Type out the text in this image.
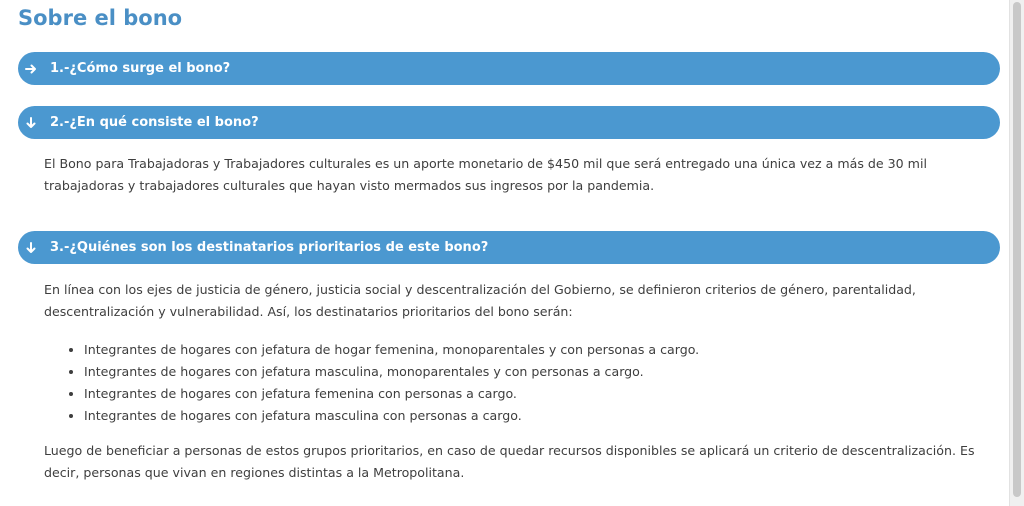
Sobre el bono
1.-¿Cómo surge el bono?
2.-¿En qué consiste el bono?

El Bono para Trabajadoras y Trabajadores culturales es un aporte monetario de $450 mil que será entregado una única vez a más de 30 mil trabajadoras y trabajadores culturales que hayan visto mermados sus ingresos por la pandemia.

3.-¿Quiénes son los destinatarios prioritarios de este bono?

En línea con los ejes de justicia de género, justicia social y descentralización del Gobierno, se definieron criterios de género, parentalidad, descentralización y vulnerabilidad. Así, los destinatarios prioritarios del bono serán:

• Integrantes de hogares con jefatura de hogar femenina, monoparentales y con personas a cargo.
• Integrantes de hogares con jefatura masculina, monoparentales y con personas a cargo.
• Integrantes de hogares con jefatura femenina con personas a cargo.
• Integrantes de hogares con jefatura masculina con personas a cargo.

Luego de beneficiar a personas de estos grupos prioritarios, en caso de quedar recursos disponibles se aplicará un criterio de descentralización. Es decir, personas que vivan en regiones distintas a la Metropolitana.
